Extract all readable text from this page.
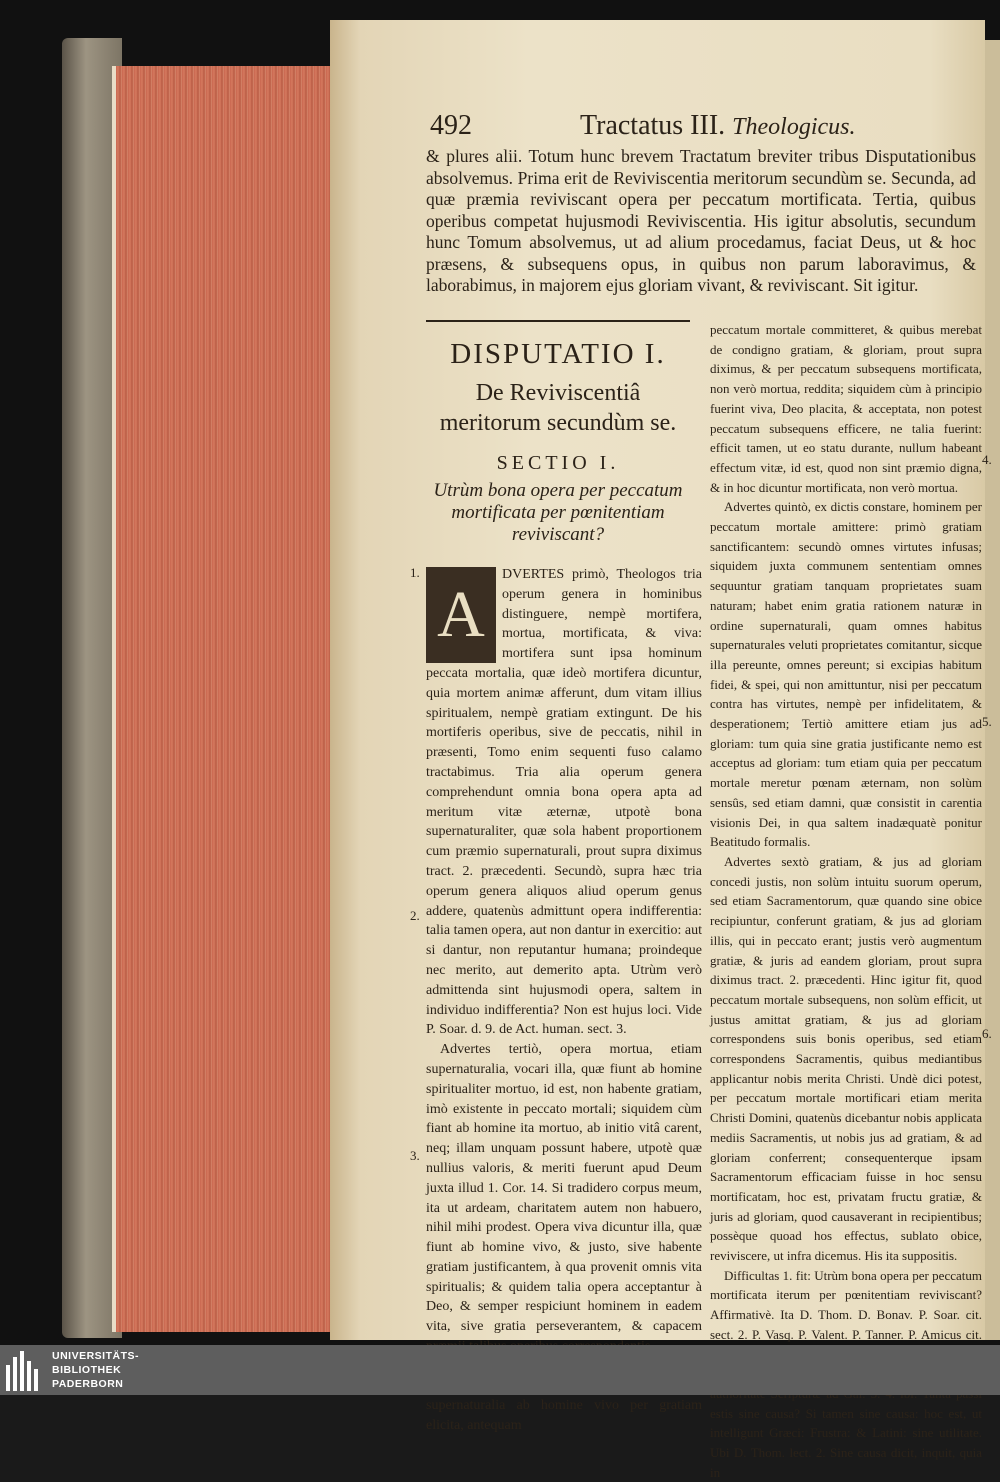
492	Tractatus III. Theologicus.

& plures alii. Totum hunc brevem Tractatum breviter tribus Disputationibus absolvemus. Prima erit de Reviviscentia meritorum secundùm se. Secunda, ad quæ præmia reviviscant opera per peccatum mortificata. Tertia, quibus operibus competat hujusmodi Reviviscentia. His igitur absolutis, secundum hunc Tomum absolvemus, ut ad alium procedamus, faciat Deus, ut & hoc præsens, & subsequens opus, in quibus non parum laboravimus, & laborabimus, in majorem ejus gloriam vivant, & reviviscant. Sit igitur.

DISPUTATIO I.
De Reviviscentiâ meritorum secundùm se.
SECTIO I.
Utrùm bona opera per peccatum mortificata per pœnitentiam reviviscant?
A

DVERTES primò, Theologos tria operum genera in hominibus distinguere, nempè mortifera, mortua, mortificata, & viva: mortifera sunt ipsa hominum peccata mortalia, quæ ideò mortifera dicuntur, quia mortem animæ afferunt, dum vitam illius spiritualem, nempè gratiam extingunt. De his mortiferis operibus, sive de peccatis, nihil in præsenti, Tomo enim sequenti fuso calamo tractabimus. Tria alia operum genera comprehendunt omnia bona opera apta ad meritum vitæ æternæ, utpotè bona supernaturaliter, quæ sola habent proportionem cum præmio supernaturali, prout supra diximus tract. 2. præcedenti. Secundò, supra hæc tria operum genera aliquos aliud operum genus addere, quatenùs admittunt opera indifferentia: talia tamen opera, aut non dantur in exercitio: aut si dantur, non reputantur humana; proindeque nec merito, aut demerito apta. Utrùm verò admittenda sint hujusmodi opera, saltem in individuo indifferentia? Non est hujus loci. Vide P. Soar. d. 9. de Act. human. sect. 3.

Advertes tertiò, opera mortua, etiam supernaturalia, vocari illa, quæ fiunt ab homine spiritualiter mortuo, id est, non habente gratiam, imò existente in peccato mortali; siquidem cùm fiant ab homine ita mortuo, ab initio vitâ carent, neq; illam unquam possunt habere, utpotè quæ nullius valoris, & meriti fuerunt apud Deum juxta illud 1. Cor. 14. Si tradidero corpus meum, ita ut ardeam, charitatem autem non habuero, nihil mihi prodest. Opera viva dicuntur illa, quæ fiunt ab homine vivo, & justo, sive habente gratiam justificantem, à qua provenit omnis vita spiritualis; & quidem talia opera acceptantur à Deo, & semper respiciunt hominem in eadem vita, sive gratia perseverantem, & capacem

supernaturalia ab homine vivo per gratiam elicita, antequam

peccatum mortale committeret, & quibus merebat de condigno gratiam, & gloriam, prout supra diximus, & per peccatum subsequens mortificata, non verò mortua, reddita; siquidem cùm à principio fuerint viva, Deo placita, & acceptata, non potest peccatum subsequens efficere, ne talia fuerint: efficit tamen, ut eo statu durante, nullum habeant effectum vitæ, id est, quod non sint præmio digna, & in hoc dicuntur mortificata, non verò mortua.

Advertes quintò, ex dictis constare, hominem per peccatum mortale amittere: primò gratiam sanctificantem: secundò omnes virtutes infusas; siquidem juxta communem sententiam omnes sequuntur gratiam tanquam proprietates suam naturam; habet enim gratia rationem naturæ in ordine supernaturali, quam omnes habitus supernaturales veluti proprietates comitantur, sicque illa pereunte, omnes pereunt; si excipias habitum fidei, & spei, qui non amittuntur, nisi per peccatum contra has virtutes, nempè per infidelitatem, & desperationem; Tertiò amittere etiam jus ad gloriam: tum quia sine gratia justificante nemo est acceptus ad gloriam: tum etiam quia per peccatum mortale meretur pœnam æternam, non solùm sensûs, sed etiam damni, quæ consistit in carentia visionis Dei, in qua saltem inadæquatè ponitur Beatitudo formalis.

Advertes sextò gratiam, & jus ad gloriam concedi justis, non solùm intuitu suorum operum, sed etiam Sacramentorum, quæ quando sine obice recipiuntur, conferunt gratiam, & jus ad gloriam illis, qui in peccato erant; justis verò augmentum gratiæ, & juris ad eandem gloriam, prout supra diximus tract. 2. præcedenti. Hinc igitur fit, quod peccatum mortale subsequens, non solùm efficit, ut justus amittat gratiam, & jus ad gloriam correspondens suis bonis operibus, sed etiam correspondens Sacramentis, quibus mediantibus applicantur nobis merita Christi. Undè dici potest, per peccatum mortale mortificari etiam merita Christi Domini, quatenùs dicebantur nobis applicata mediis Sacramentis, ut nobis jus ad gratiam, & ad gloriam conferrent; consequenterque ipsam Sacramentorum efficaciam fuisse in hoc sensu mortificatam, hoc est, privatam fructu gratiæ, & juris ad gloriam, quod causaverant in recipientibus; possèque quoad hos effectus, sublato obice, reviviscere, ut infra dicemus. His ita suppositis.

Difficultas 1. fit: Utrùm bona opera per peccatum mortificata iterum per pœnitentiam reviviscant? Affirmativè. Ita D. Thom. D. Bonav. P. Soar. cit. sect. 2. P. Vasq. P. Valent. P. Tanner. P. Amicus cit. estis sine causa? Si tamen sine causa: hoc est, ut intelligunt Græci: Frustra: & Latini: sine utilitate. Ubi D. Thom. lect. 2. Sine causa dicit, inquit, quia in

1.
2.
3.
4.
5.
6.
UNIVERSITÄTS-
BIBLIOTHEK
PADERBORN
